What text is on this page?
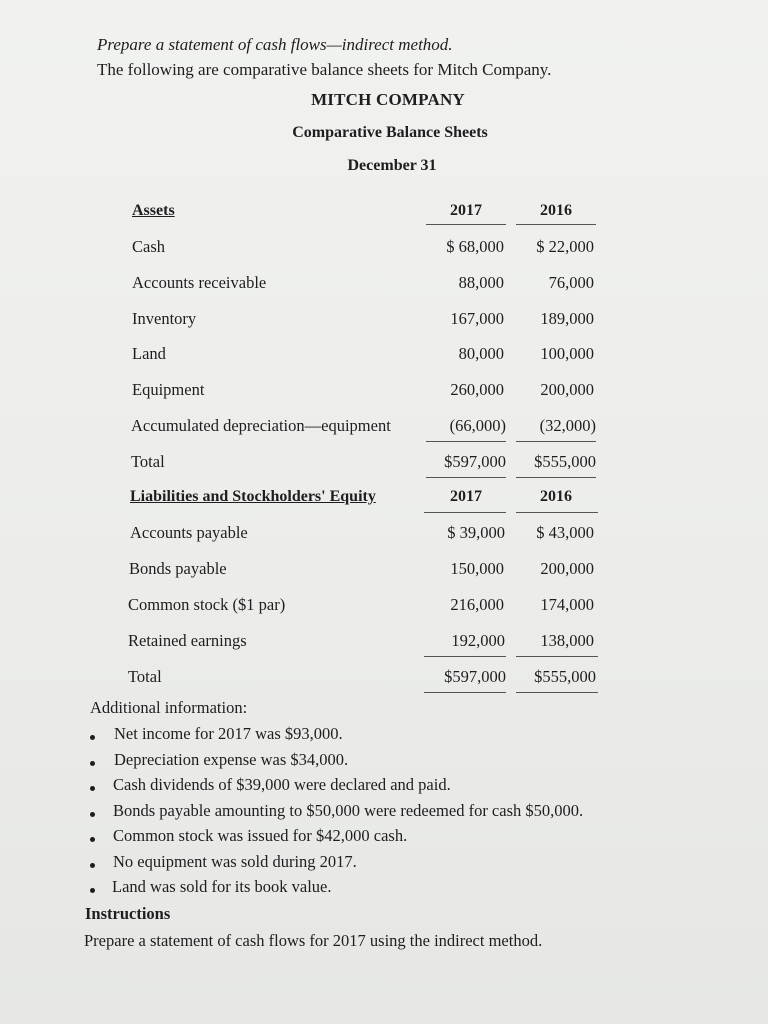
Prepare a statement of cash flows—indirect method.
The following are comparative balance sheets for Mitch Company.
MITCH COMPANY
Comparative Balance Sheets
December 31
Assets	2017	2016
Cash	$ 68,000	$ 22,000
Accounts receivable	88,000	76,000
Inventory	167,000	189,000
Land	80,000	100,000
Equipment	260,000	200,000
Accumulated depreciation—equipment	(66,000)	(32,000)
Total	$597,000	$555,000
Liabilities and Stockholders' Equity	2017	2016
Accounts payable	$ 39,000	$ 43,000
Bonds payable	150,000	200,000
Common stock ($1 par)	216,000	174,000
Retained earnings	192,000	138,000
Total	$597,000	$555,000
Additional information:
Net income for 2017 was $93,000.
Depreciation expense was $34,000.
Cash dividends of $39,000 were declared and paid.
Bonds payable amounting to $50,000 were redeemed for cash $50,000.
Common stock was issued for $42,000 cash.
No equipment was sold during 2017.
Land was sold for its book value.
Instructions
Prepare a statement of cash flows for 2017 using the indirect method.
